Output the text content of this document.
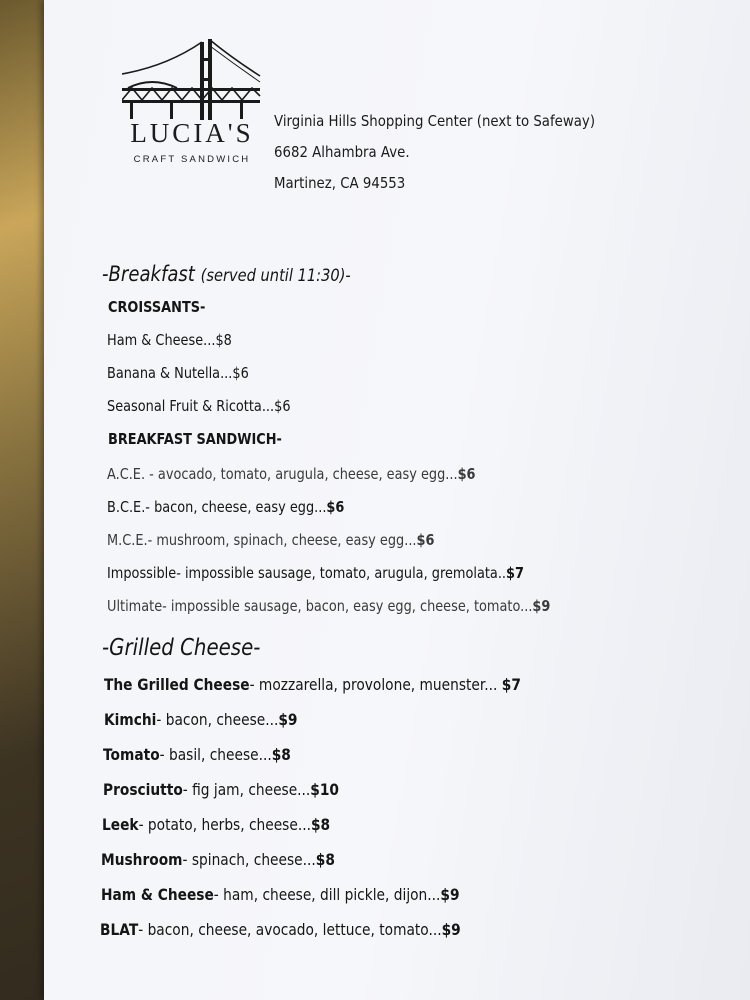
LUCIA'S
CRAFT SANDWICH
Virginia Hills Shopping Center (next to Safeway)
6682 Alhambra Ave.
Martinez, CA 94553
-Breakfast (served until 11:30)-
CROISSANTS-
Ham & Cheese...$8
Banana & Nutella...$6
Seasonal Fruit & Ricotta...$6
BREAKFAST SANDWICH-
A.C.E. - avocado, tomato, arugula, cheese, easy egg...$6
B.C.E.- bacon, cheese, easy egg...$6
M.C.E.- mushroom, spinach, cheese, easy egg...$6
Impossible- impossible sausage, tomato, arugula, gremolata..$7
Ultimate- impossible sausage, bacon, easy egg, cheese, tomato...$9
-Grilled Cheese-
The Grilled Cheese- mozzarella, provolone, muenster... $7
Kimchi- bacon, cheese...$9
Tomato- basil, cheese...$8
Prosciutto- fig jam, cheese...$10
Leek- potato, herbs, cheese...$8
Mushroom- spinach, cheese...$8
Ham & Cheese- ham, cheese, dill pickle, dijon...$9
BLAT- bacon, cheese, avocado, lettuce, tomato...$9
